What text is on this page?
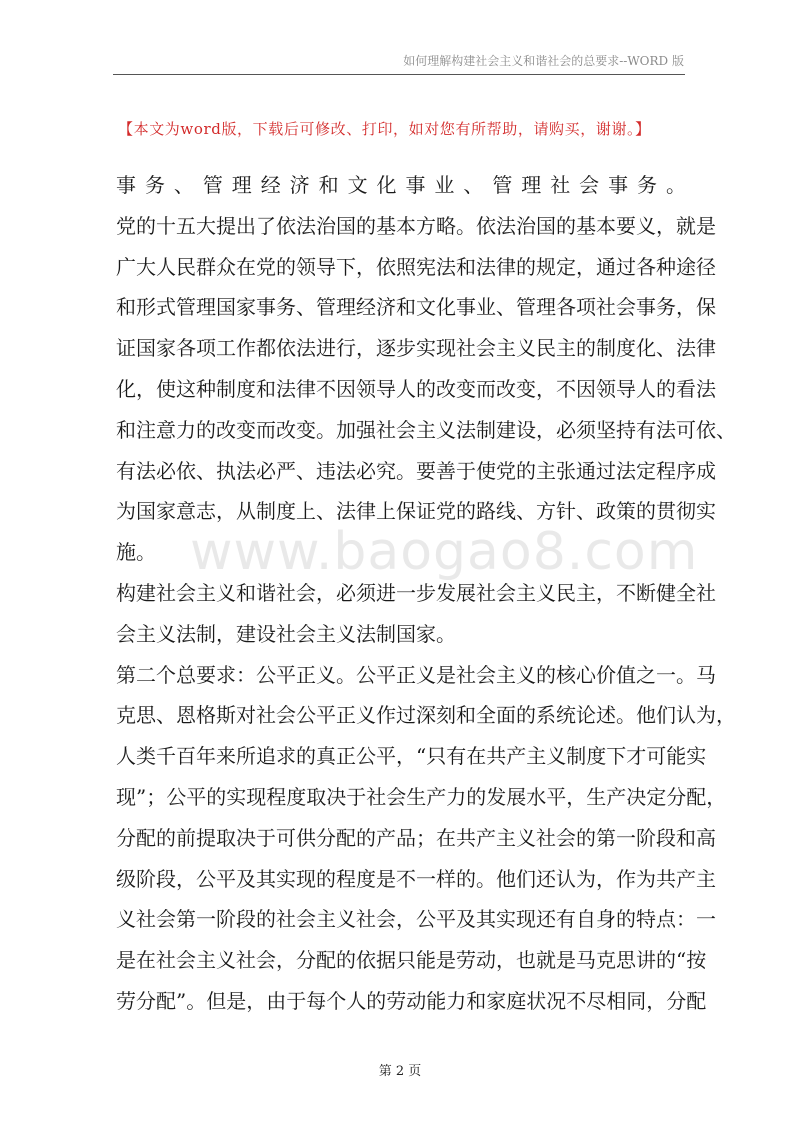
如何理解构建社会主义和谐社会的总要求--WORD 版
【本文为word版，下载后可修改、打印，如对您有所帮助，请购买，谢谢。】
www.baogao8.com
事务、管理经济和文化事业、管理社会事务。
党的十五大提出了依法治国的基本方略。依法治国的基本要义，就是
广大人民群众在党的领导下，依照宪法和法律的规定，通过各种途径
和形式管理国家事务、管理经济和文化事业、管理各项社会事务，保
证国家各项工作都依法进行，逐步实现社会主义民主的制度化、法律
化，使这种制度和法律不因领导人的改变而改变，不因领导人的看法
和注意力的改变而改变。加强社会主义法制建设，必须坚持有法可依、
有法必依、执法必严、违法必究。要善于使党的主张通过法定程序成
为国家意志，从制度上、法律上保证党的路线、方针、政策的贯彻实
施。
构建社会主义和谐社会，必须进一步发展社会主义民主，不断健全社
会主义法制，建设社会主义法制国家。
第二个总要求：公平正义。公平正义是社会主义的核心价值之一。马
克思、恩格斯对社会公平正义作过深刻和全面的系统论述。他们认为，
人类千百年来所追求的真正公平，“只有在共产主义制度下才可能实
现”；公平的实现程度取决于社会生产力的发展水平，生产决定分配，
分配的前提取决于可供分配的产品；在共产主义社会的第一阶段和高
级阶段，公平及其实现的程度是不一样的。他们还认为，作为共产主
义社会第一阶段的社会主义社会，公平及其实现还有自身的特点：一
是在社会主义社会，分配的依据只能是劳动，也就是马克思讲的“按
劳分配”。但是，由于每个人的劳动能力和家庭状况不尽相同，分配
第 2 页
